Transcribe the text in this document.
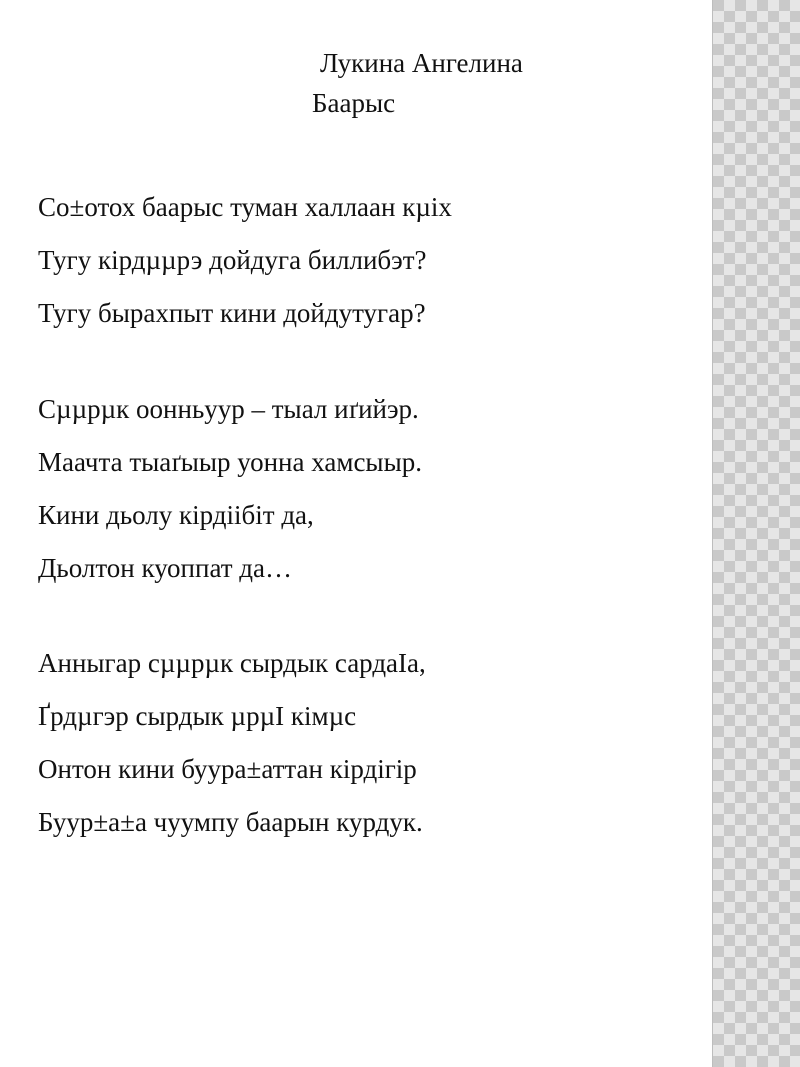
Лукина Ангелина
Баарыс
Со±отох баарыс туман халлаан кµіх
Тугу кірдµµрэ дойдуга биллибэт?
Тугу бырахпыт кини дойдутугар?
Сµµрµк оонньуур – тыал иґийэр.
Маачта тыаґыыр уонна хамсыыр.
Кини дьолу кірдіібіт да,
Дьолтон куоппат да…
Анныгар сµµрµк сырдык сардаІа,
Ґрдµгэр сырдык µрµІ кімµс
Онтон кини буура±аттан кірдігір
Буур±а±а чуумпу баарын курдук.
